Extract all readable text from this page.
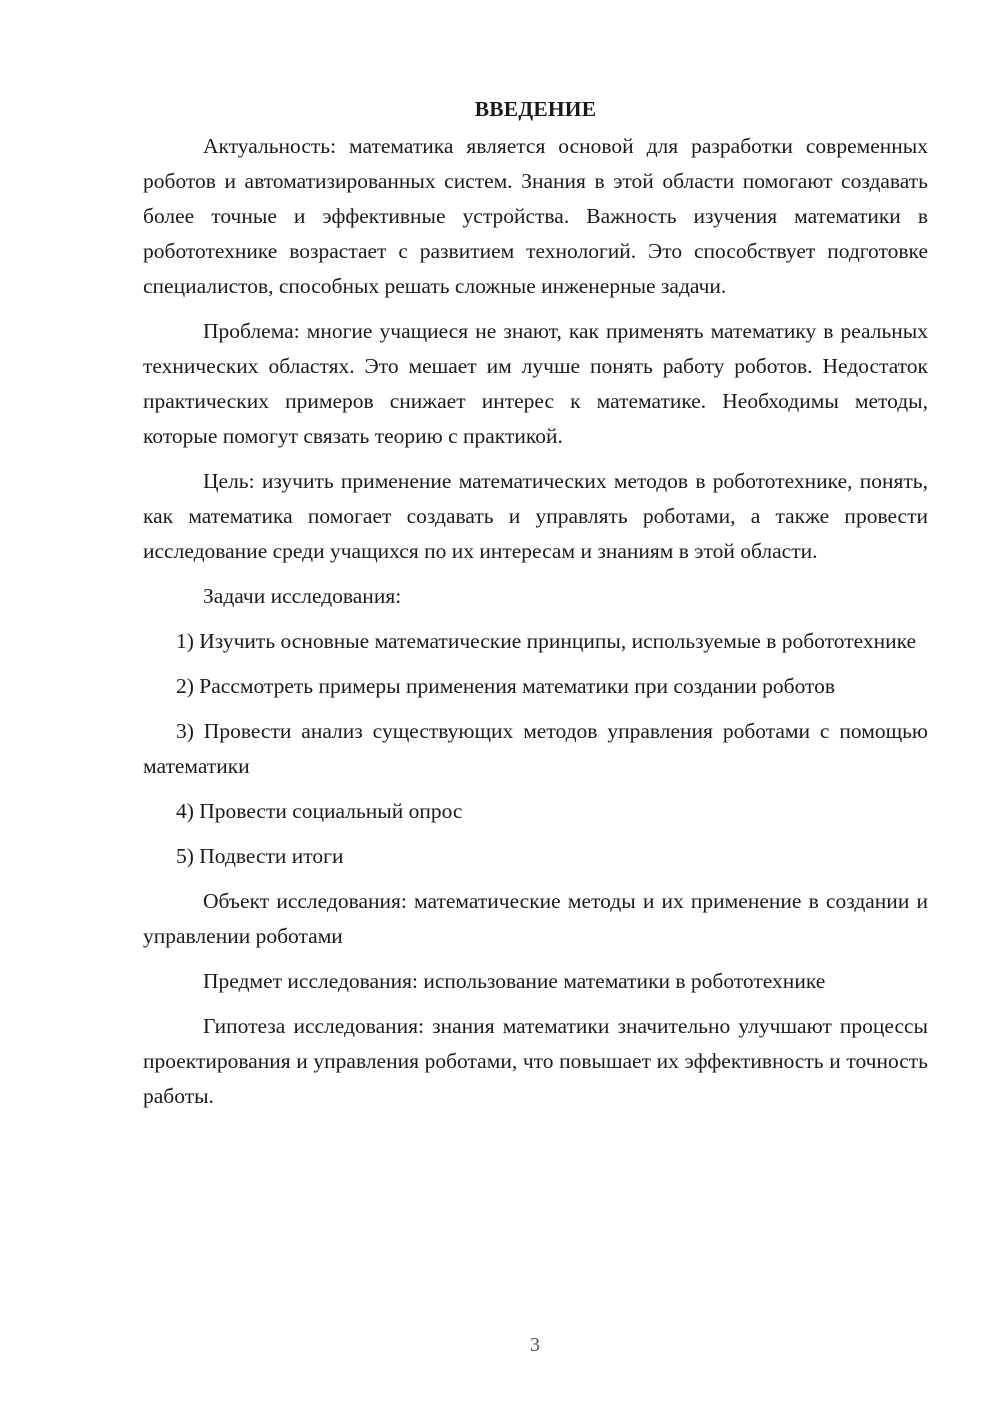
ВВЕДЕНИЕ

Актуальность: математика является основой для разработки современных роботов и автоматизированных систем. Знания в этой области помогают создавать более точные и эффективные устройства. Важность изучения математики в робототехнике возрастает с развитием технологий. Это способствует подготовке специалистов, способных решать сложные инженерные задачи.

Проблема: многие учащиеся не знают, как применять математику в реальных технических областях. Это мешает им лучше понять работу роботов. Недостаток практических примеров снижает интерес к математике. Необходимы методы, которые помогут связать теорию с практикой.

Цель: изучить применение математических методов в робототехнике, понять, как математика помогает создавать и управлять роботами, а также провести исследование среди учащихся по их интересам и знаниям в этой области.

Задачи исследования:

1) Изучить основные математические принципы, используемые в робототехнике

2) Рассмотреть примеры применения математики при создании роботов

3) Провести анализ существующих методов управления роботами с помощью математики

4) Провести социальный опрос

5) Подвести итоги

Объект исследования: математические методы и их применение в создании и управлении роботами

Предмет исследования: использование математики в робототехнике

Гипотеза исследования: знания математики значительно улучшают процессы проектирования и управления роботами, что повышает их эффективность и точность работы.

3
